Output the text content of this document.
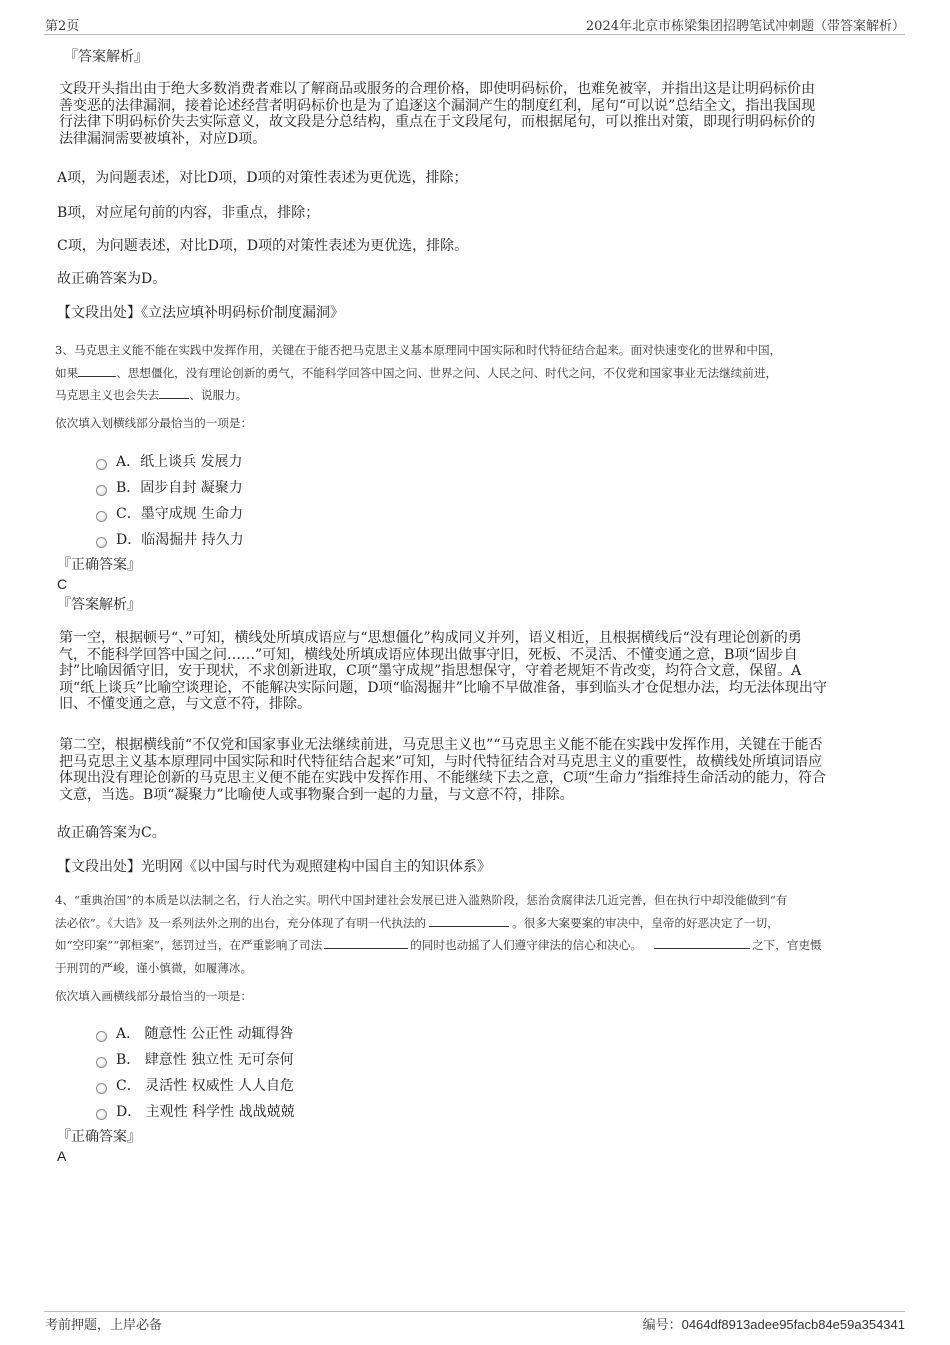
第2页	2024年北京市栋梁集团招聘笔试冲刺题（带答案解析）
『答案解析』
文段开头指出由于绝大多数消费者难以了解商品或服务的合理价格，即使明码标价，也难免被宰，并指出这是让明码标价由
善变恶的法律漏洞，接着论述经营者明码标价也是为了追逐这个漏洞产生的制度红利，尾句“可以说”总结全文，指出我国现
行法律下明码标价失去实际意义，故文段是分总结构，重点在于文段尾句，而根据尾句，可以推出对策，即现行明码标价的
法律漏洞需要被填补，对应D项。
A项，为问题表述，对比D项，D项的对策性表述为更优选，排除；
B项，对应尾句前的内容，非重点，排除；
C项，为问题表述，对比D项，D项的对策性表述为更优选，排除。
故正确答案为D。
【文段出处】《立法应填补明码标价制度漏洞》
3、马克思主义能不能在实践中发挥作用，关键在于能否把马克思主义基本原理同中国实际和时代特征结合起来。面对快速变化的世界和中国，
如果	、思想僵化，没有理论创新的勇气，不能科学回答中国之问、世界之问、人民之问、时代之问，不仅党和国家事业无法继续前进，
马克思主义也会失去	、说服力。
依次填入划横线部分最恰当的一项是：
A．纸上谈兵 发展力
B．固步自封 凝聚力
C．墨守成规 生命力
D．临渴掘井 持久力
『正确答案』
C
『答案解析』
第一空，根据顿号“、”可知，横线处所填成语应与“思想僵化”构成同义并列，语义相近，且根据横线后“没有理论创新的勇
气，不能科学回答中国之问……”可知，横线处所填成语应体现出做事守旧，死板、不灵活、不懂变通之意，B项“固步自
封”比喻因循守旧，安于现状，不求创新进取，C项“墨守成规”指思想保守，守着老规矩不肯改变，均符合文意，保留。A
项“纸上谈兵”比喻空谈理论，不能解决实际问题，D项“临渴掘井”比喻不早做准备，事到临头才仓促想办法，均无法体现出守
旧、不懂变通之意，与文意不符，排除。
第二空，根据横线前“不仅党和国家事业无法继续前进，马克思主义也”“马克思主义能不能在实践中发挥作用，关键在于能否
把马克思主义基本原理同中国实际和时代特征结合起来”可知，与时代特征结合对马克思主义的重要性，故横线处所填词语应
体现出没有理论创新的马克思主义便不能在实践中发挥作用、不能继续下去之意，C项“生命力”指维持生命活动的能力，符合
文意，当选。B项“凝聚力”比喻使人或事物聚合到一起的力量，与文意不符，排除。
故正确答案为C。
【文段出处】光明网《以中国与时代为观照建构中国自主的知识体系》
4、“重典治国”的本质是以法制之名，行人治之实。明代中国封建社会发展已进入滥熟阶段，惩治贪腐律法几近完善，但在执行中却没能做到“有
法必依”。《大诰》及一系列法外之刑的出台，充分体现了有明一代执法的	。很多大案要案的审决中，皇帝的好恶决定了一切，
如“空印案”“郭桓案”，惩罚过当，在严重影响了司法	的同时也动摇了人们遵守律法的信心和决心。	之下，官吏慑
于刑罚的严峻，谨小慎微，如履薄冰。
依次填入画横线部分最恰当的一项是：
A． 随意性 公正性 动辄得咎
B． 肆意性 独立性 无可奈何
C． 灵活性 权威性 人人自危
D． 主观性 科学性 战战兢兢
『正确答案』
A
考前押题，上岸必备	编号：0464df8913adee95facb84e59a354341
